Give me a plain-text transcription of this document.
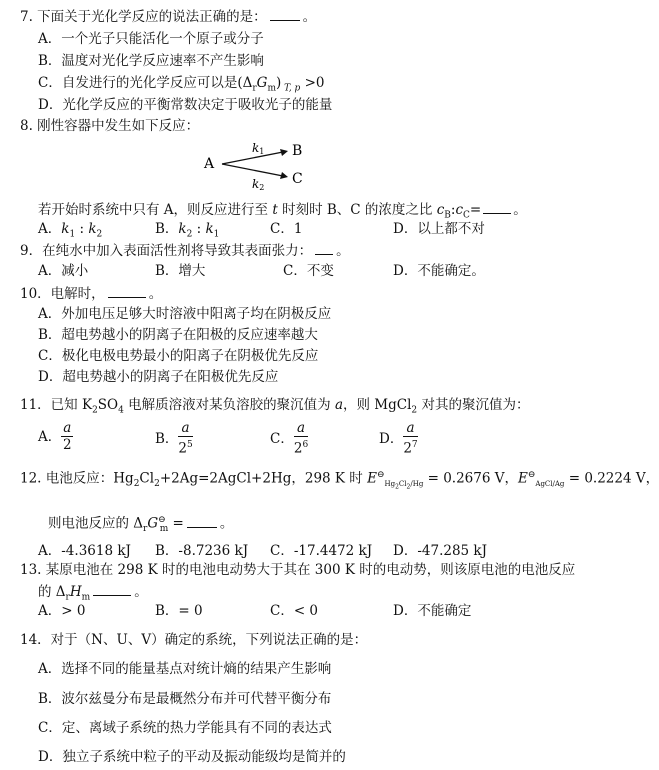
7. 下面关于光化学反应的说法正确的是：	。
A．一个光子只能活化一个原子或分子
B．温度对光化学反应速率不产生影响
C．自发进行的光化学反应可以是$(\Delta_rG_m)$ $_{T, p}$ >0
D．光化学反应的平衡常数决定于吸收光子的能量
8. 刚性容器中发生如下反应：
A
k1
k2
B
C
若开始时系统中只有 A，则反应进行至 t 时刻时 B、C 的浓度之比 $c_B:c_C=$ 。
A．$k_1$ : $k_2$	B．$k_2$ : $k_1$	C．1	D．以上都不对
9．在纯水中加入表面活性剂将导致其表面张力： 。
A．减小	B．增大	C．不变	D．不能确定。
10．电解时，	。
A．外加电压足够大时溶液中阳离子均在阴极反应
B．超电势越小的阴离子在阳极的反应速率越大
C．极化电极电势最小的阳离子在阴极优先反应
D．超电势越小的阴离子在阳极优先反应
11．已知 $K_2SO_4$ 电解质溶液对某负溶胶的聚沉值为 a，则 MgCl$_2$ 对其的聚沉值为：
A． $\frac{a}{2}$	B． $\frac{a}{2^5}$	C． $\frac{a}{2^6}$	D． $\frac{a}{2^7}$
12. 电池反应：$Hg_2Cl_2+2Ag=2AgCl+2Hg$，298 K 时 $E^⊖_{Hg_2Cl_2/Hg} = 0.2676$ V，$E^⊖_{AgCl/Ag} = 0.2224$ V，
则电池反应的 $\Delta_rG^⊖_m$ =	。
A．-4.3618 kJ B．-8.7236 kJ C．-17.4472 kJ D．-47.285 kJ
13. 某原电池在 298 K 时的电池电动势大于其在 300 K 时的电动势，则该原电池的电池反应
的 $\Delta_rH_m$	。
A．> 0	B．= 0	C．< 0	D．不能确定
14．对于（N、U、V）确定的系统，下列说法正确的是：
A．选择不同的能量基点对统计熵的结果产生影响
B．波尔兹曼分布是最概然分布并可代替平衡分布
C．定、离域子系统的热力学能具有不同的表达式
D．独立子系统中粒子的平动及振动能级均是简并的
